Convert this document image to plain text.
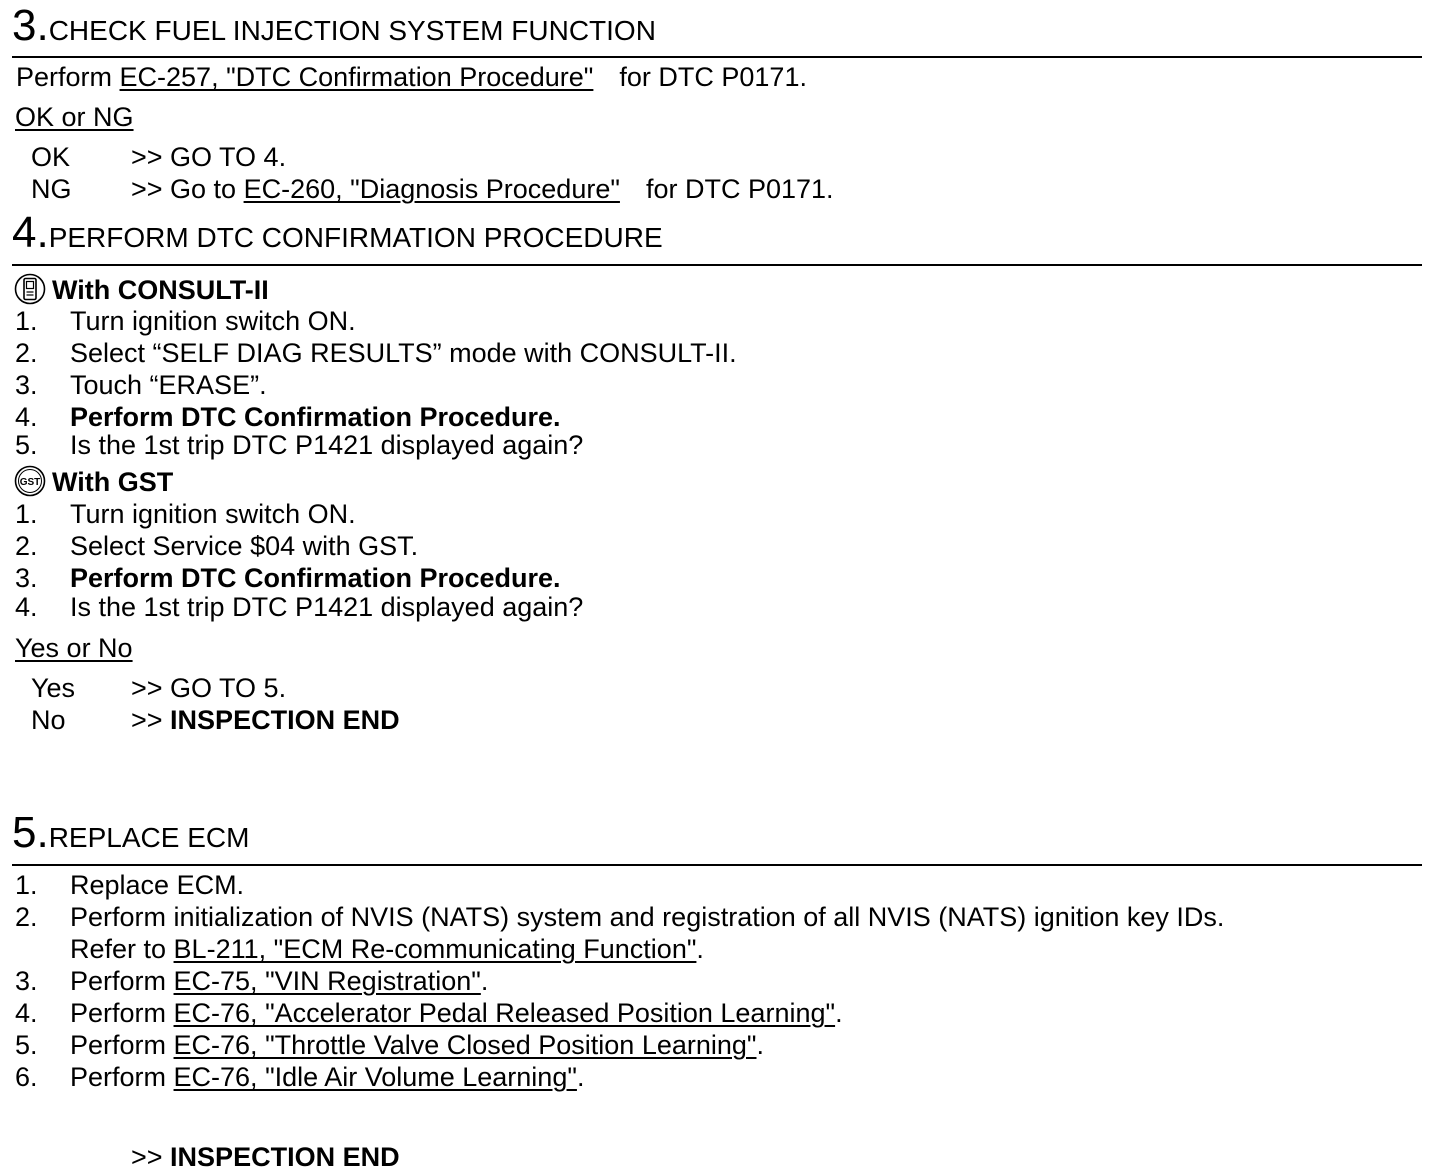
3.CHECK FUEL INJECTION SYSTEM FUNCTION
Perform EC-257, "DTC Confirmation Procedure" for DTC P0171.
OK or NG
OK >> GO TO 4.
NG >> Go to EC-260, "Diagnosis Procedure" for DTC P0171.
4.PERFORM DTC CONFIRMATION PROCEDURE
With CONSULT-II
1. Turn ignition switch ON.
2. Select “SELF DIAG RESULTS” mode with CONSULT-II.
3. Touch “ERASE”.
4. Perform DTC Confirmation Procedure.
5. Is the 1st trip DTC P1421 displayed again?
GST With GST
1. Turn ignition switch ON.
2. Select Service $04 with GST.
3. Perform DTC Confirmation Procedure.
4. Is the 1st trip DTC P1421 displayed again?
Yes or No
Yes >> GO TO 5.
No >> INSPECTION END
5.REPLACE ECM
1. Replace ECM.
2. Perform initialization of NVIS (NATS) system and registration of all NVIS (NATS) ignition key IDs.
Refer to BL-211, "ECM Re-communicating Function".
3. Perform EC-75, "VIN Registration".
4. Perform EC-76, "Accelerator Pedal Released Position Learning".
5. Perform EC-76, "Throttle Valve Closed Position Learning".
6. Perform EC-76, "Idle Air Volume Learning".
>> INSPECTION END
